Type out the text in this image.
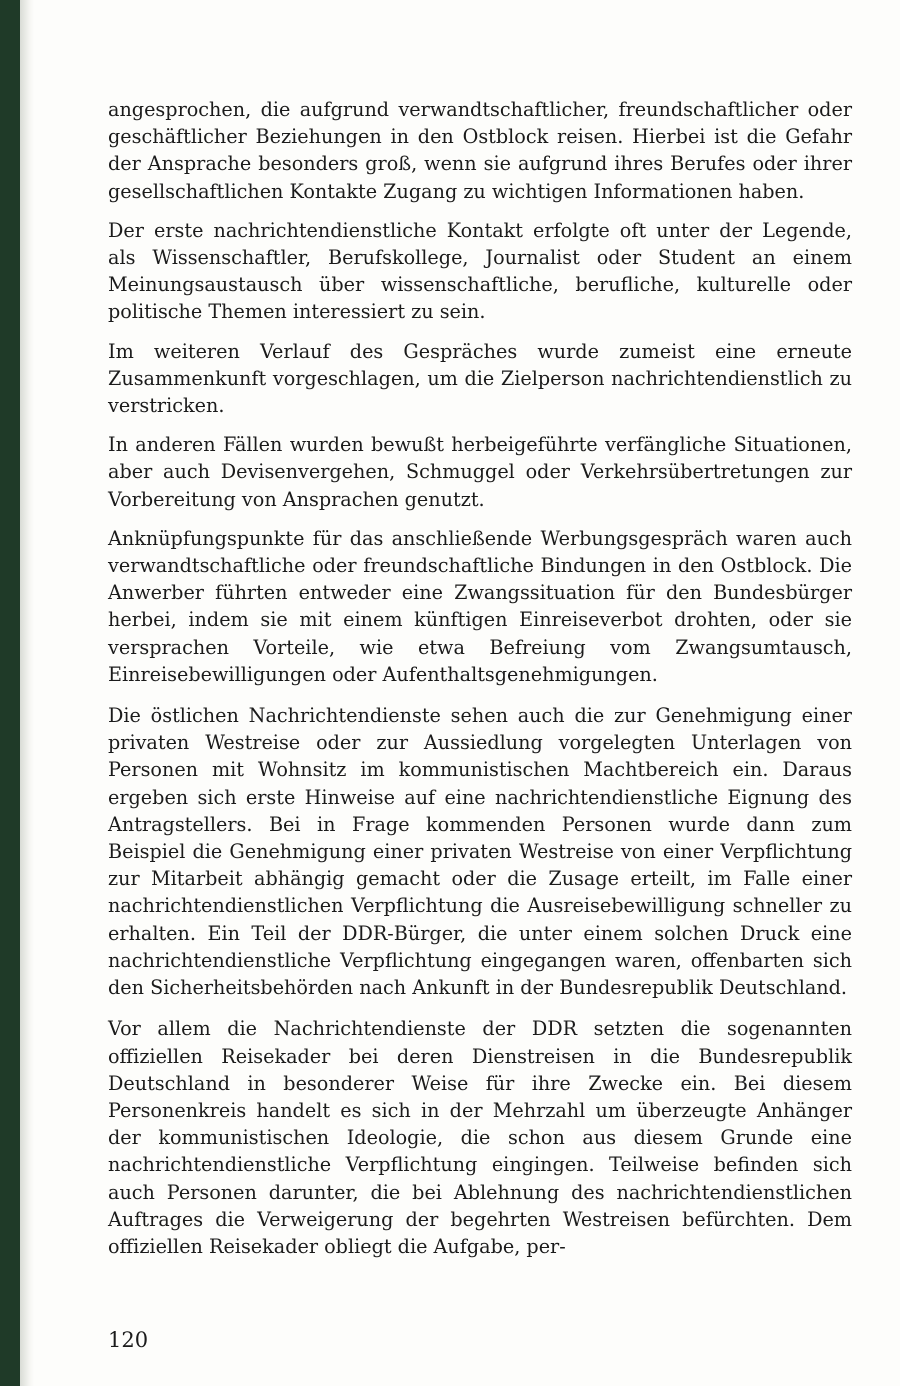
angesprochen, die aufgrund verwandtschaftlicher, freundschaftlicher oder geschäftlicher Beziehungen in den Ostblock reisen. Hierbei ist die Gefahr der Ansprache besonders groß, wenn sie aufgrund ihres Berufes oder ihrer gesellschaftlichen Kontakte Zugang zu wichtigen Informationen haben.

Der erste nachrichtendienstliche Kontakt erfolgte oft unter der Legende, als Wissenschaftler, Berufskollege, Journalist oder Student an einem Meinungsaustausch über wissenschaftliche, berufliche, kulturelle oder politische Themen interessiert zu sein.

Im weiteren Verlauf des Gespräches wurde zumeist eine erneute Zusammenkunft vorgeschlagen, um die Zielperson nachrichtendienstlich zu verstricken.

In anderen Fällen wurden bewußt herbeigeführte verfängliche Situationen, aber auch Devisenvergehen, Schmuggel oder Verkehrsübertretungen zur Vorbereitung von Ansprachen genutzt.

Anknüpfungspunkte für das anschließende Werbungsgespräch waren auch verwandtschaftliche oder freundschaftliche Bindungen in den Ostblock. Die Anwerber führten entweder eine Zwangssituation für den Bundesbürger herbei, indem sie mit einem künftigen Einreiseverbot drohten, oder sie versprachen Vorteile, wie etwa Befreiung vom Zwangsumtausch, Einreisebewilligungen oder Aufenthaltsgenehmigungen.

Die östlichen Nachrichtendienste sehen auch die zur Genehmigung einer privaten Westreise oder zur Aussiedlung vorgelegten Unterlagen von Personen mit Wohnsitz im kommunistischen Machtbereich ein. Daraus ergeben sich erste Hinweise auf eine nachrichtendienstliche Eignung des Antragstellers. Bei in Frage kommenden Personen wurde dann zum Beispiel die Genehmigung einer privaten Westreise von einer Verpflichtung zur Mitarbeit abhängig gemacht oder die Zusage erteilt, im Falle einer nachrichtendienstlichen Verpflichtung die Ausreisebewilligung schneller zu erhalten. Ein Teil der DDR-Bürger, die unter einem solchen Druck eine nachrichtendienstliche Verpflichtung eingegangen waren, offenbarten sich den Sicherheitsbehörden nach Ankunft in der Bundesrepublik Deutschland.

Vor allem die Nachrichtendienste der DDR setzten die sogenannten offiziellen Reisekader bei deren Dienstreisen in die Bundesrepublik Deutschland in besonderer Weise für ihre Zwecke ein. Bei diesem Personenkreis handelt es sich in der Mehrzahl um überzeugte Anhänger der kommunistischen Ideologie, die schon aus diesem Grunde eine nachrichtendienstliche Verpflichtung eingingen. Teilweise befinden sich auch Personen darunter, die bei Ablehnung des nachrichtendienstlichen Auftrages die Verweigerung der begehrten Westreisen befürchten. Dem offiziellen Reisekader obliegt die Aufgabe, per-

120
